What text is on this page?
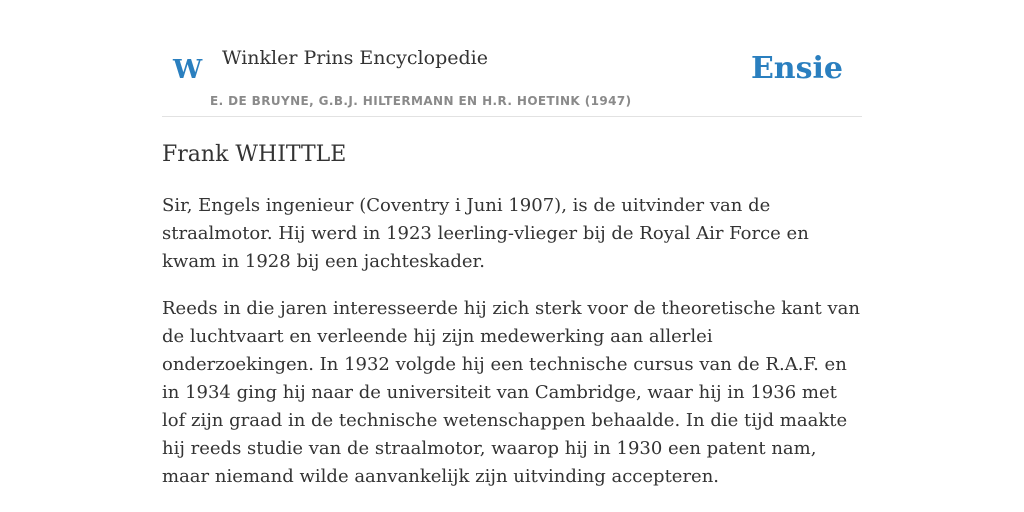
W Winkler Prins Encyclopedie
E. DE BRUYNE, G.B.J. HILTERMANN EN H.R. HOETINK (1947)
Ensie
Frank WHITTLE

Sir, Engels ingenieur (Coventry i Juni 1907), is de uitvinder van de straalmotor. Hij werd in 1923 leerling-vlieger bij de Royal Air Force en kwam in 1928 bij een jachteskader.

Reeds in die jaren interesseerde hij zich sterk voor de theoretische kant van de luchtvaart en verleende hij zijn medewerking aan allerlei onderzoekingen. In 1932 volgde hij een technische cursus van de R.A.F. en in 1934 ging hij naar de universiteit van Cambridge, waar hij in 1936 met lof zijn graad in de technische wetenschappen behaalde. In die tijd maakte hij reeds studie van de straalmotor, waarop hij in 1930 een patent nam, maar niemand wilde aanvankelijk zijn uitvinding accepteren.
